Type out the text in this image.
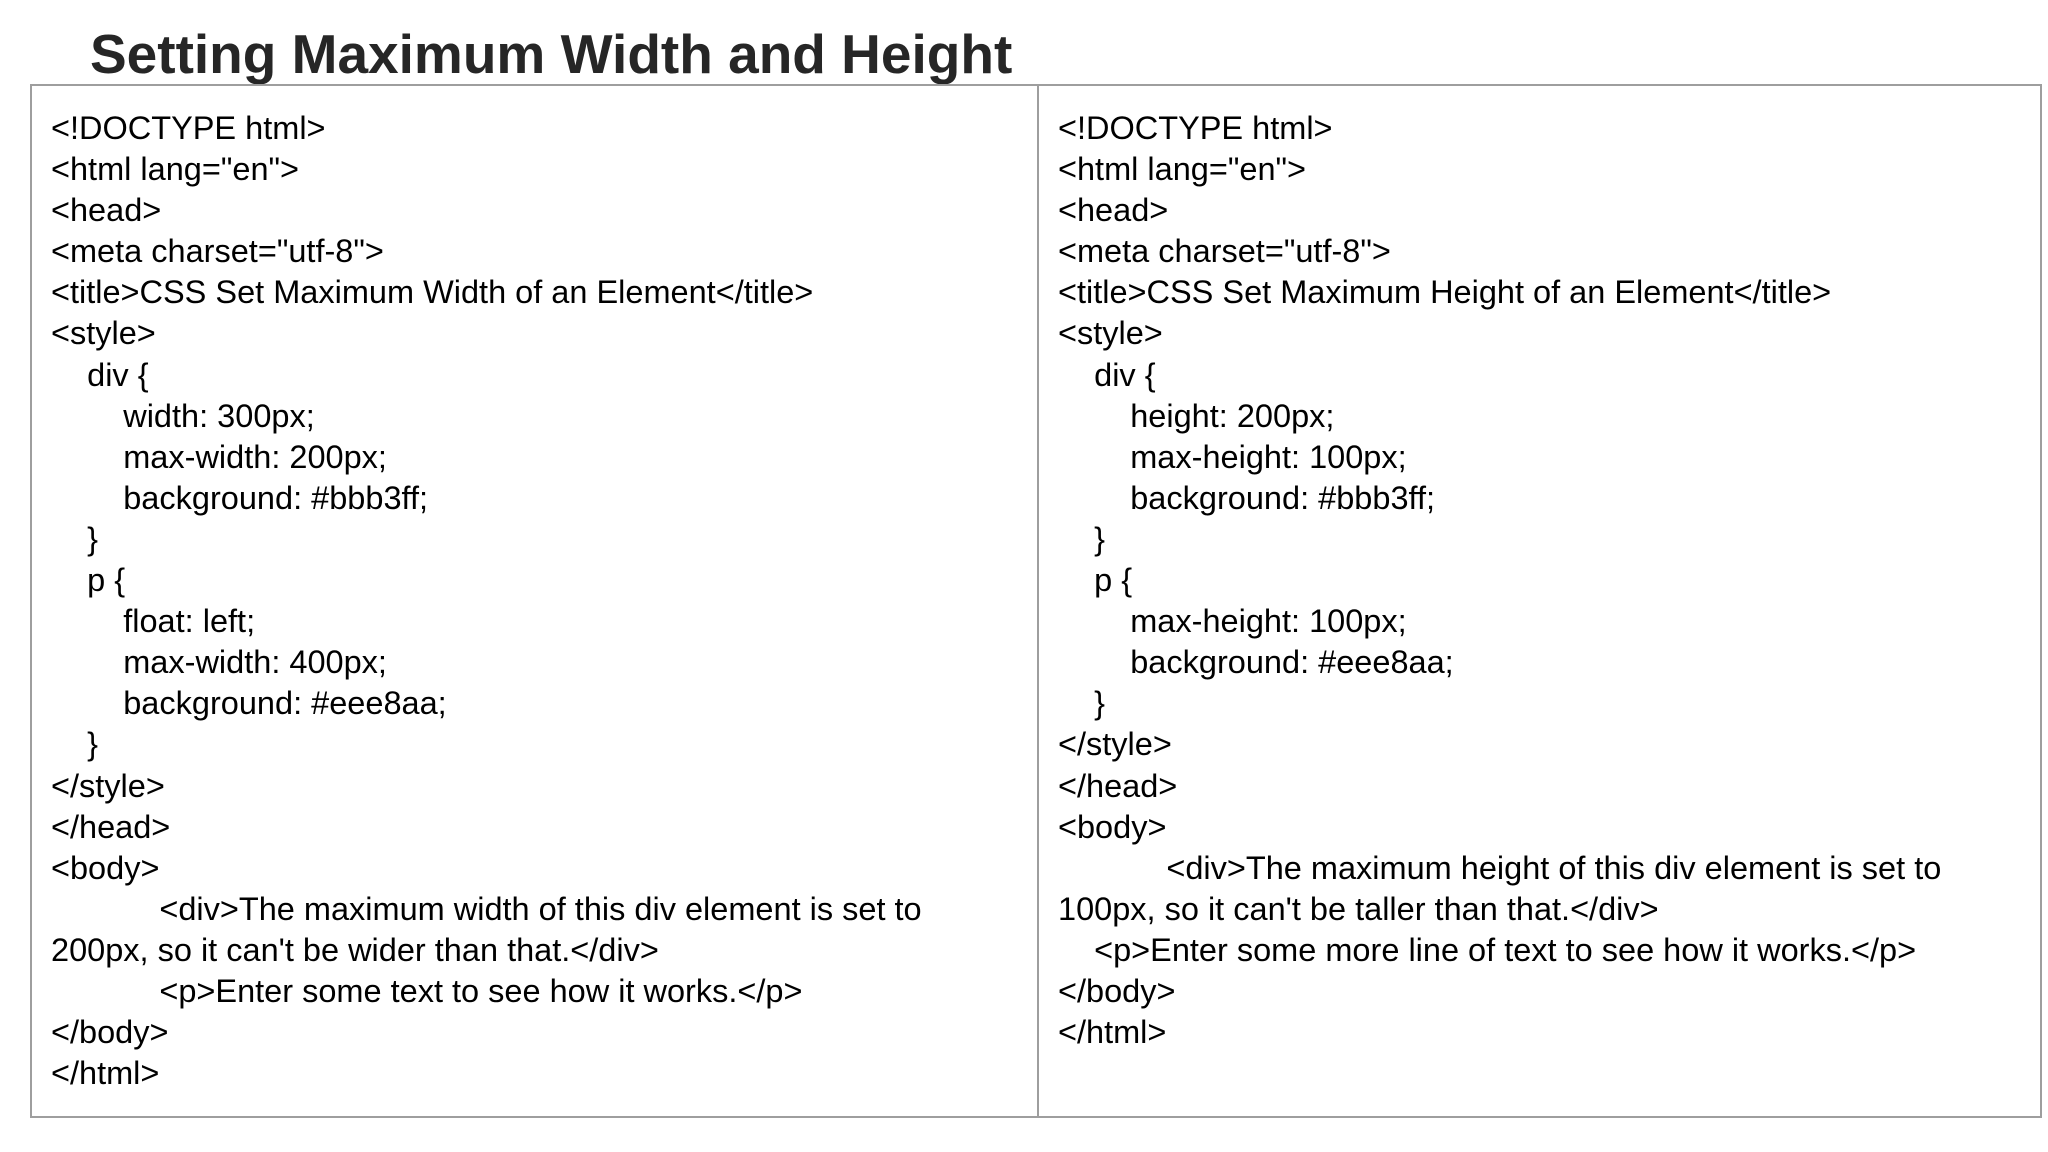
Setting Maximum Width and Height
<!DOCTYPE html>
<html lang="en">
<head>
<meta charset="utf-8">
<title>CSS Set Maximum Width of an Element</title>
<style>
div {
width: 300px;
max-width: 200px;
background: #bbb3ff;
}
p {
float: left;
max-width: 400px;
background: #eee8aa;
}
</style>
</head>
<body>
<div>The maximum width of this div element is set to
200px, so it can't be wider than that.</div>
<p>Enter some text to see how it works.</p>
</body>
</html>
<!DOCTYPE html>
<html lang="en">
<head>
<meta charset="utf-8">
<title>CSS Set Maximum Height of an Element</title>
<style>
div {
height: 200px;
max-height: 100px;
background: #bbb3ff;
}
p {
max-height: 100px;
background: #eee8aa;
}
</style>
</head>
<body>
<div>The maximum height of this div element is set to
100px, so it can't be taller than that.</div>
<p>Enter some more line of text to see how it works.</p>
</body>
</html>
